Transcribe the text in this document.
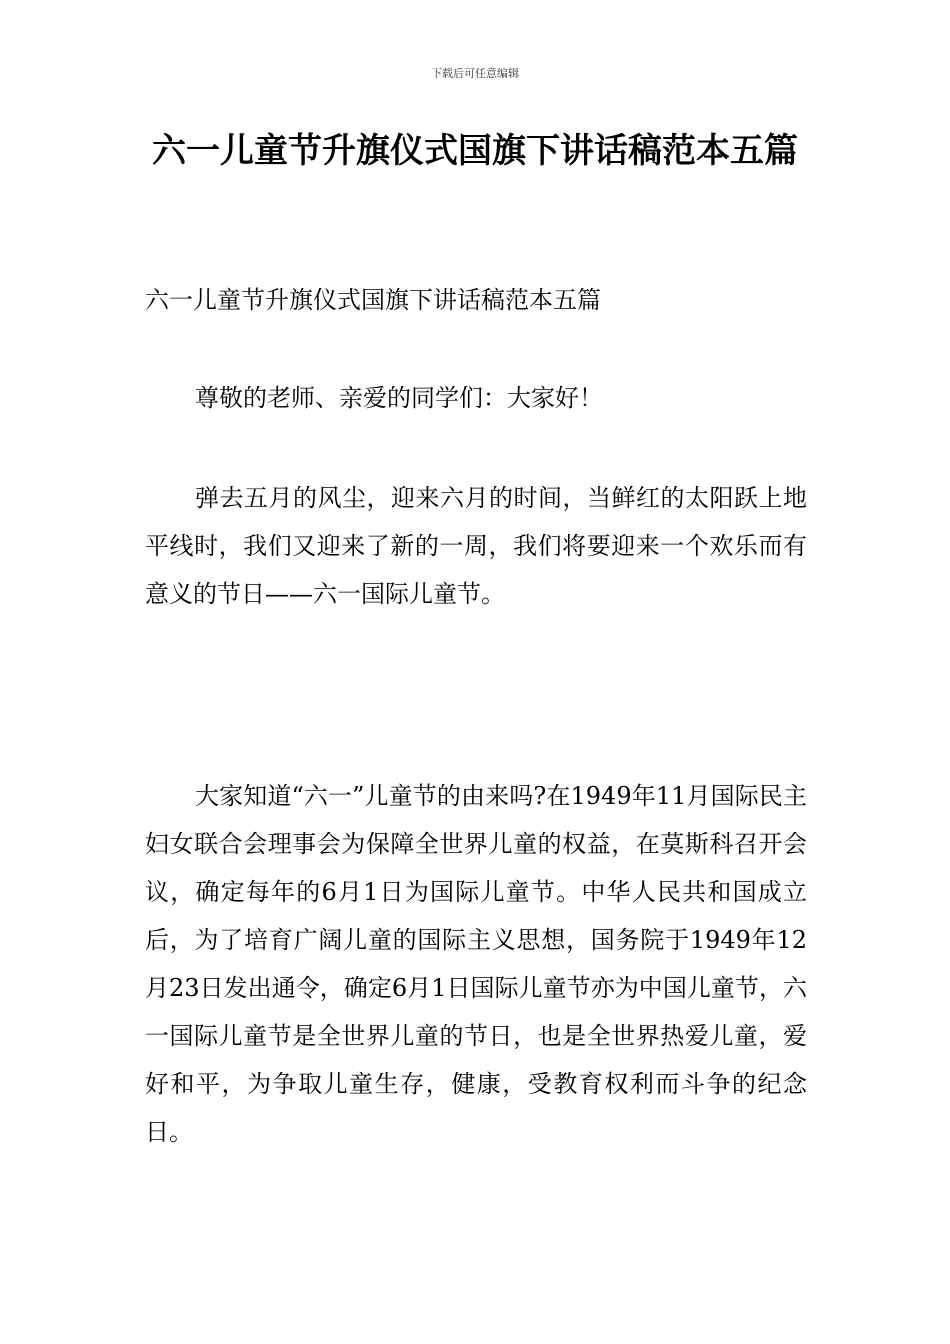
下载后可任意编辑
六一儿童节升旗仪式国旗下讲话稿范本五篇

六一儿童节升旗仪式国旗下讲话稿范本五篇

尊敬的老师、亲爱的同学们：大家好！

弹去五月的风尘，迎来六月的时间，当鲜红的太阳跃上地平线时，我们又迎来了新的一周，我们将要迎来一个欢乐而有意义的节日——六一国际儿童节。

大家知道“六一”儿童节的由来吗?在1949年11月国际民主妇女联合会理事会为保障全世界儿童的权益，在莫斯科召开会议，确定每年的6月1日为国际儿童节。中华人民共和国成立后，为了培育广阔儿童的国际主义思想，国务院于1949年12月23日发出通令，确定6月1日国际儿童节亦为中国儿童节，六一国际儿童节是全世界儿童的节日，也是全世界热爱儿童，爱好和平，为争取儿童生存，健康，受教育权利而斗争的纪念日。
